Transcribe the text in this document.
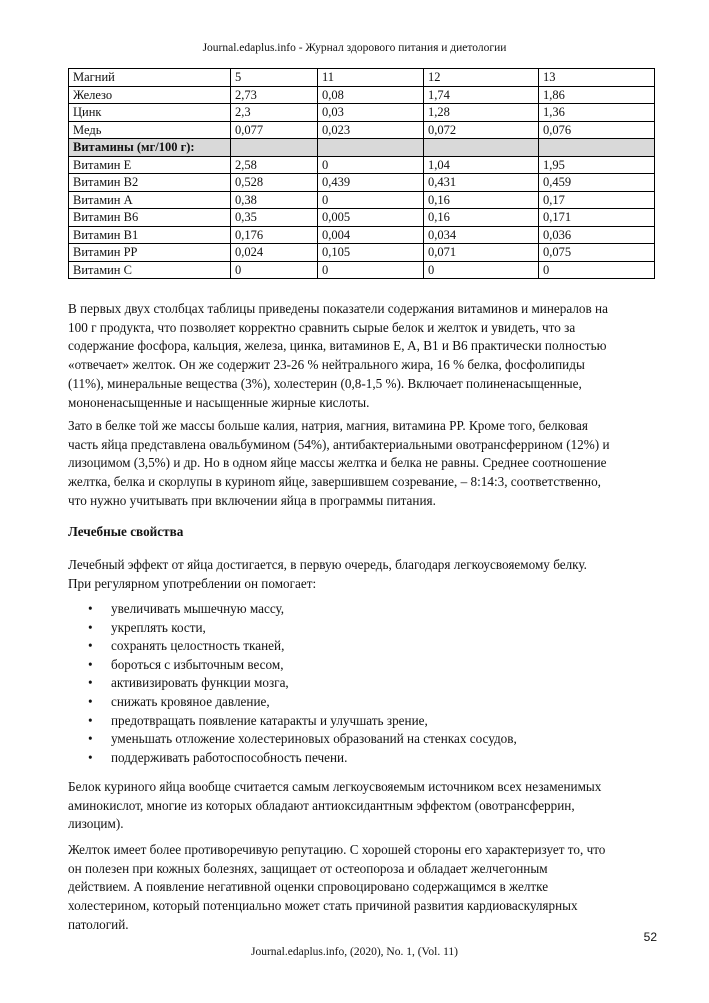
Journal.edaplus.info - Журнал здорового питания и диетологии
Магний	5	11	12	13
Железо	2,73	0,08	1,74	1,86
Цинк	2,3	0,03	1,28	1,36
Медь	0,077	0,023	0,072	0,076
Витамины (мг/100 г):				
Витамин E	2,58	0	1,04	1,95
Витамин B2	0,528	0,439	0,431	0,459
Витамин A	0,38	0	0,16	0,17
Витамин B6	0,35	0,005	0,16	0,171
Витамин B1	0,176	0,004	0,034	0,036
Витамин PP	0,024	0,105	0,071	0,075
Витамин C	0	0	0	0

В первых двух столбцах таблицы приведены показатели содержания витаминов и минералов на
100 г продукта, что позволяет корректно сравнить сырые белок и желток и увидеть, что за
содержание фосфора, кальция, железа, цинка, витаминов E, A, B1 и B6 практически полностью
«отвечает» желток. Он же содержит 23-26 % нейтрального жира, 16 % белка, фосфолипиды
(11%), минеральные вещества (3%), холестерин (0,8-1,5 %). Включает полиненасыщенные,
мононенасыщенные и насыщенные жирные кислоты.

Зато в белке той же массы больше калия, натрия, магния, витамина PP. Кроме того, белковая
часть яйца представлена овальбумином (54%), антибактериальными овотрансферрином (12%) и
лизоцимом (3,5%) и др. Но в одном яйце массы желтка и белка не равны. Среднее соотношение
желтка, белка и скорлупы в куриноm яйце, завершившем созревание, – 8:14:3, соответственно,
что нужно учитывать при включении яйца в программы питания.

Лечебные свойства

Лечебный эффект от яйца достигается, в первую очередь, благодаря легкоусвояемому белку.
При регулярном употреблении он помогает:

• увеличивать мышечную массу,
• укреплять кости,
• сохранять целостность тканей,
• бороться с избыточным весом,
• активизировать функции мозга,
• снижать кровяное давление,
• предотвращать появление катаракты и улучшать зрение,
• уменьшать отложение холестериновых образований на стенках сосудов,
• поддерживать работоспособность печени.

Белок куриного яйца вообще считается самым легкоусвояемым источником всех незаменимых
аминокислот, многие из которых обладают антиоксидантным эффектом (овотрансферрин,
лизоцим).

Желток имеет более противоречивую репутацию. С хорошей стороны его характеризует то, что
он полезен при кожных болезнях, защищает от остеопороза и обладает желчегонным
действием. А появление негативной оценки спровоцировано содержащимся в желтке
холестерином, который потенциально может стать причиной развития кардиоваскулярных
патологий.

52
Journal.edaplus.info, (2020), No. 1, (Vol. 11)
